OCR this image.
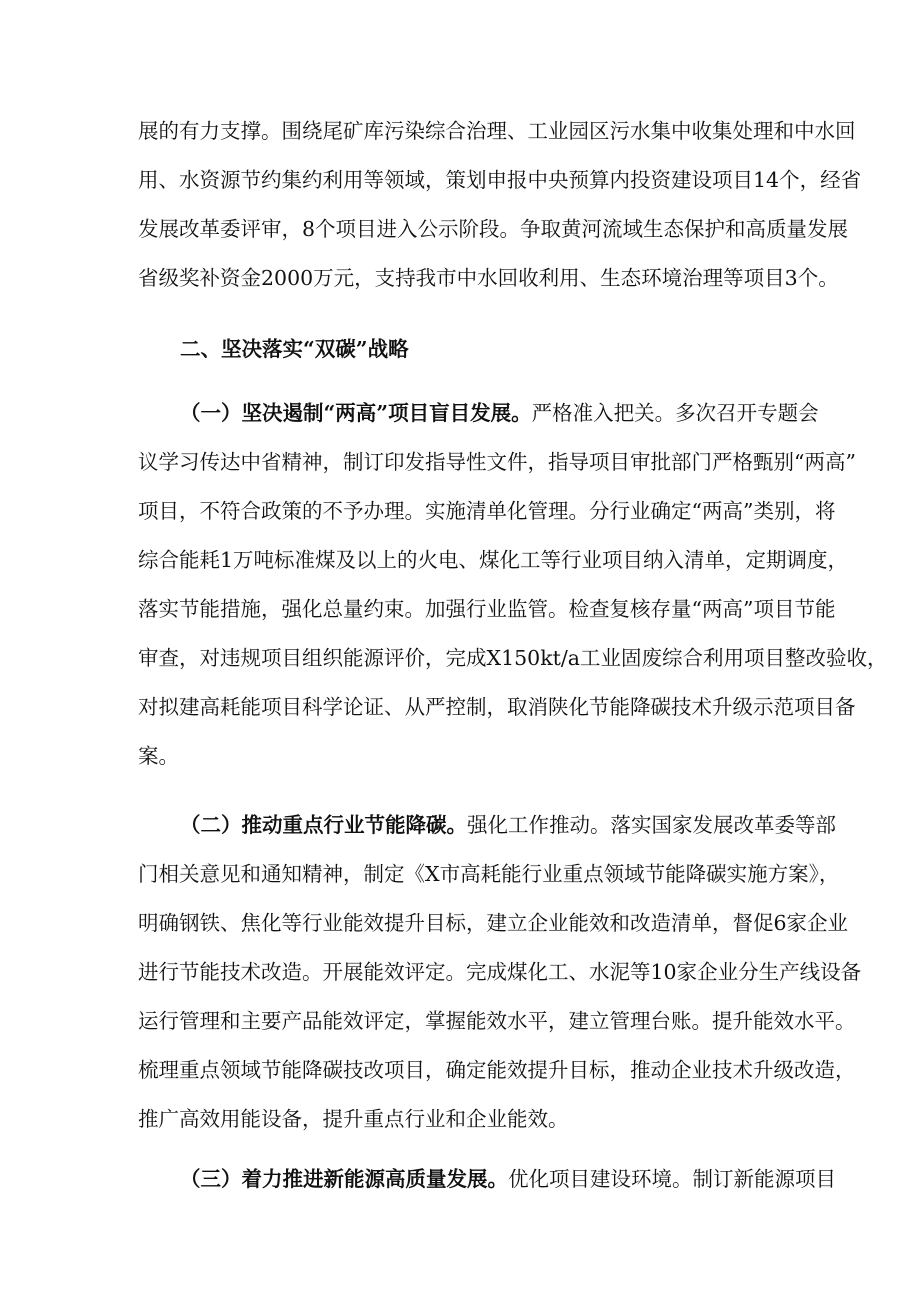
展的有力支撑。围绕尾矿库污染综合治理、工业园区污水集中收集处理和中水回
用、水资源节约集约利用等领域，策划申报中央预算内投资建设项目14个，经省
发展改革委评审，8个项目进入公示阶段。争取黄河流域生态保护和高质量发展
省级奖补资金2000万元，支持我市中水回收利用、生态环境治理等项目3个。
二、坚决落实“双碳”战略
（一）坚决遏制“两高”项目盲目发展。严格准入把关。多次召开专题会
议学习传达中省精神，制订印发指导性文件，指导项目审批部门严格甄别“两高”
项目，不符合政策的不予办理。实施清单化管理。分行业确定“两高”类别，将
综合能耗1万吨标准煤及以上的火电、煤化工等行业项目纳入清单，定期调度，
落实节能措施，强化总量约束。加强行业监管。检查复核存量“两高”项目节能
审查，对违规项目组织能源评价，完成X150kt/a工业固废综合利用项目整改验收，
对拟建高耗能项目科学论证、从严控制，取消陕化节能降碳技术升级示范项目备
案。
（二）推动重点行业节能降碳。强化工作推动。落实国家发展改革委等部
门相关意见和通知精神，制定《X市高耗能行业重点领域节能降碳实施方案》，
明确钢铁、焦化等行业能效提升目标，建立企业能效和改造清单，督促6家企业
进行节能技术改造。开展能效评定。完成煤化工、水泥等10家企业分生产线设备
运行管理和主要产品能效评定，掌握能效水平，建立管理台账。提升能效水平。
梳理重点领域节能降碳技改项目，确定能效提升目标，推动企业技术升级改造，
推广高效用能设备，提升重点行业和企业能效。
（三）着力推进新能源高质量发展。优化项目建设环境。制订新能源项目
